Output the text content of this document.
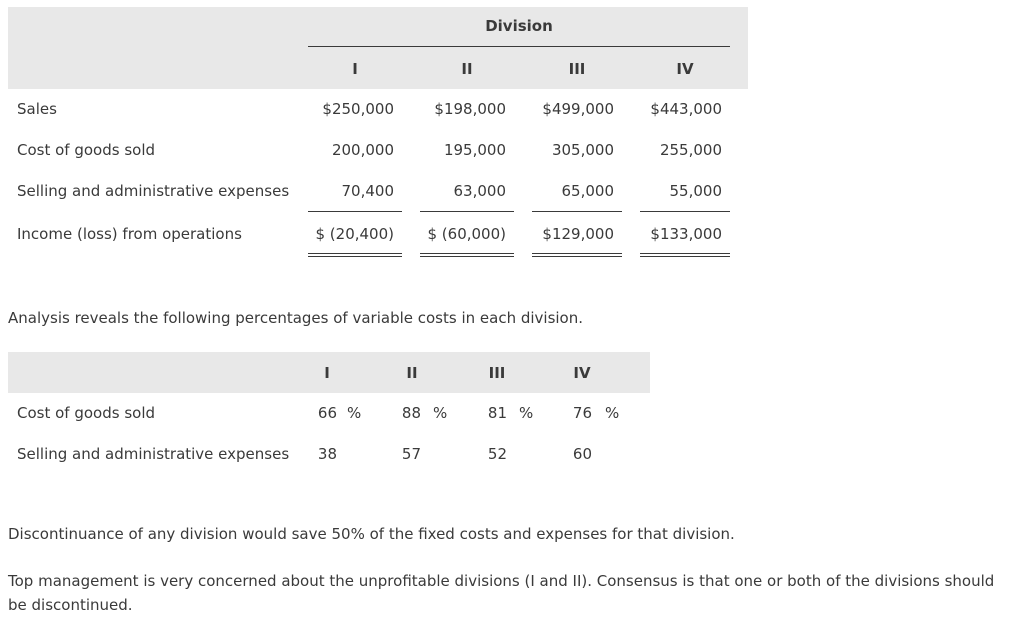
Division
I	II	III	IV
Sales	$250,000	$198,000	$499,000	$443,000
Cost of goods sold	200,000	195,000	305,000	255,000
Selling and administrative expenses	70,400	63,000	65,000	55,000
Income (loss) from operations	$ (20,400)	$ (60,000)	$129,000	$133,000
Analysis reveals the following percentages of variable costs in each division.
I	II	III	IV
Cost of goods sold	66 %	88 %	81 %	76 %
Selling and administrative expenses	38	57	52	60
Discontinuance of any division would save 50% of the fixed costs and expenses for that division.
Top management is very concerned about the unprofitable divisions (I and II). Consensus is that one or both of the divisions should be discontinued.
